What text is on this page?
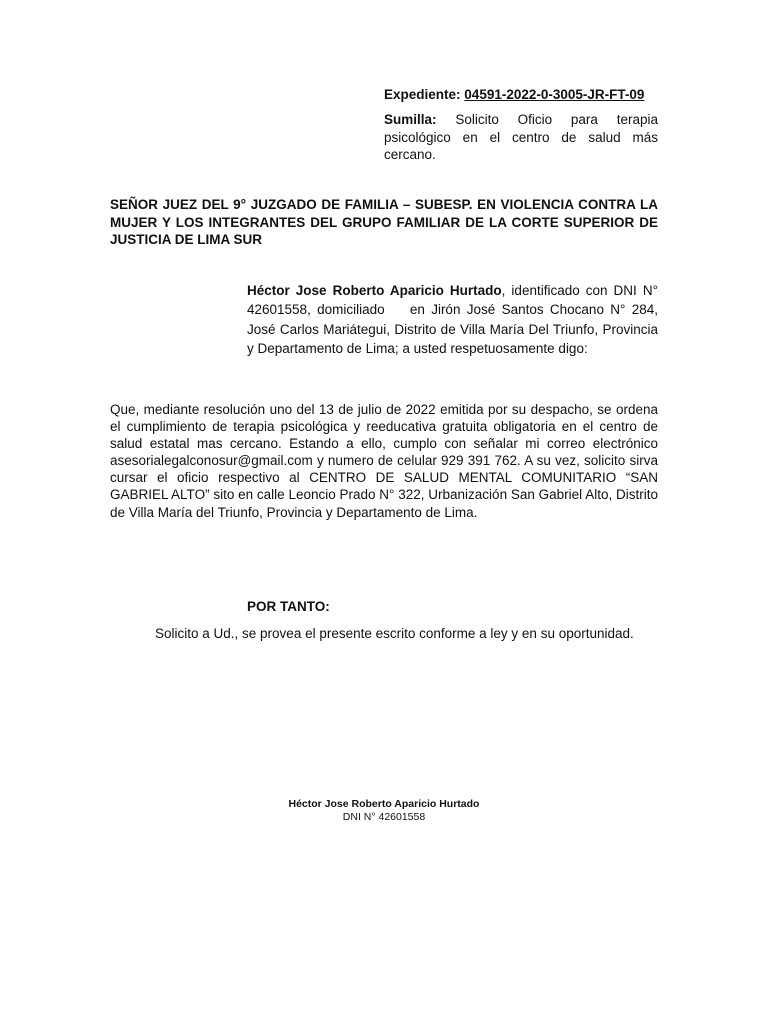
Expediente: 04591-2022-0-3005-JR-FT-09
Sumilla: Solicito Oficio para terapia psicológico en el centro de salud más cercano.
SEÑOR JUEZ DEL 9° JUZGADO DE FAMILIA – SUBESP. EN VIOLENCIA CONTRA LA MUJER Y LOS INTEGRANTES DEL GRUPO FAMILIAR DE LA CORTE SUPERIOR DE JUSTICIA DE LIMA SUR
Héctor Jose Roberto Aparicio Hurtado, identificado con DNI N° 42601558, domiciliado    en Jirón José Santos Chocano N° 284, José Carlos Mariátegui, Distrito de Villa María Del Triunfo, Provincia y Departamento de Lima; a usted respetuosamente digo:
Que, mediante resolución uno del 13 de julio de 2022 emitida por su despacho, se ordena el cumplimiento de terapia psicológica y reeducativa gratuita obligatoria en el centro de salud estatal mas cercano. Estando a ello, cumplo con señalar mi correo electrónico asesorialegalconosur@gmail.com y numero de celular 929 391 762. A su vez, solicito sirva cursar el oficio respectivo al CENTRO DE SALUD MENTAL COMUNITARIO “SAN GABRIEL ALTO” sito en calle Leoncio Prado N° 322, Urbanización San Gabriel Alto, Distrito de Villa María del Triunfo, Provincia y Departamento de Lima.
POR TANTO:
Solicito a Ud., se provea el presente escrito conforme a ley y en su oportunidad.
Héctor Jose Roberto Aparicio Hurtado
DNI N° 42601558
